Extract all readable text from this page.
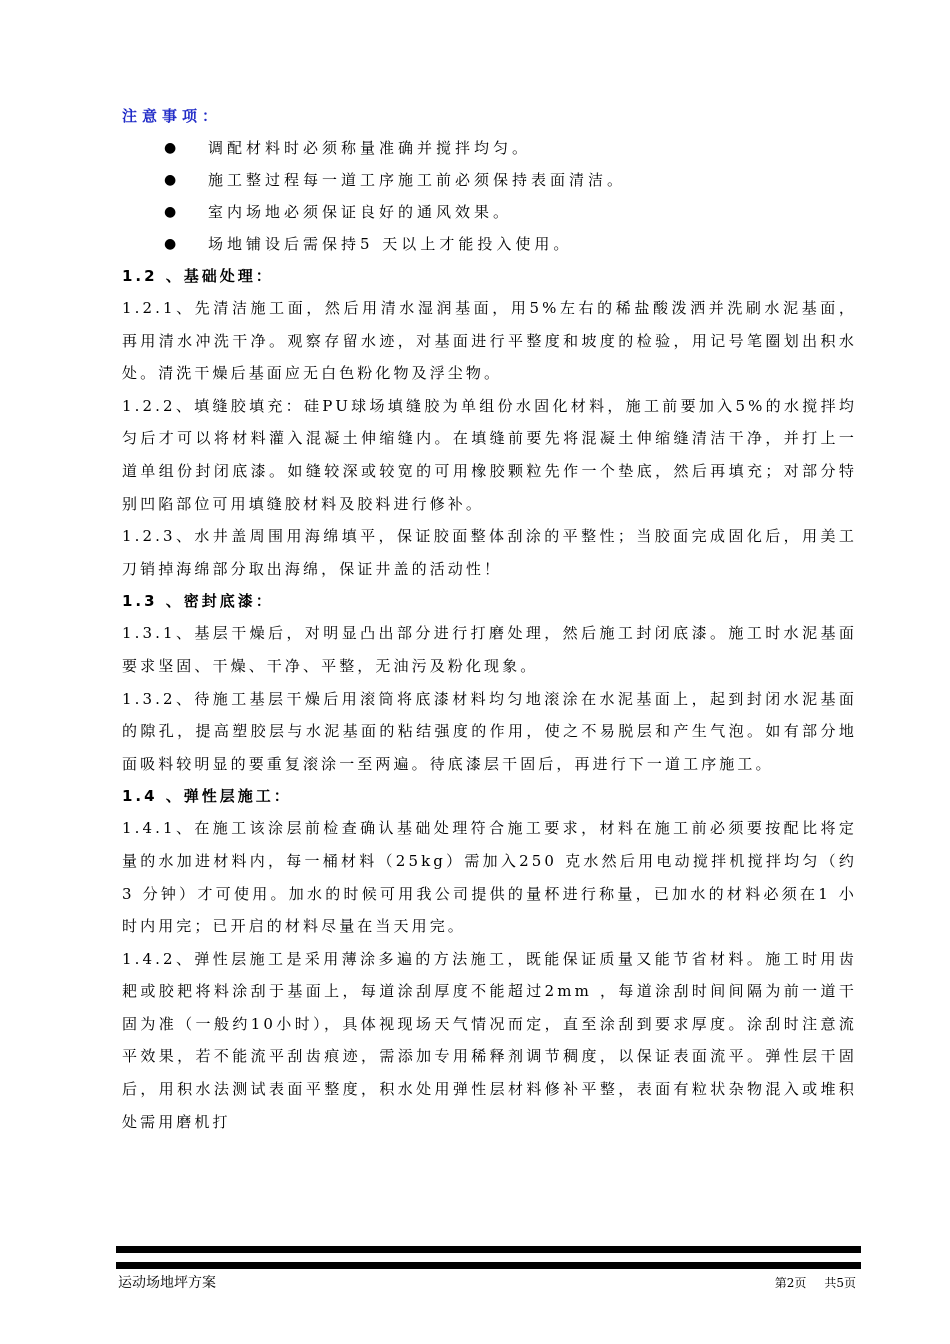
注意事项：
● 调配材料时必须称量准确并搅拌均匀。
● 施工整过程每一道工序施工前必须保持表面清洁。
● 室内场地必须保证良好的通风效果。
● 场地铺设后需保持5 天以上才能投入使用。
1.2 、基础处理：

1.2.1、先清洁施工面，然后用清水湿润基面，用5%左右的稀盐酸泼洒并洗刷水泥基面，再用清水冲洗干净。观察存留水迹，对基面进行平整度和坡度的检验，用记号笔圈划出积水处。清洗干燥后基面应无白色粉化物及浮尘物。

1.2.2、填缝胶填充：硅PU球场填缝胶为单组份水固化材料，施工前要加入5%的水搅拌均匀后才可以将材料灌入混凝土伸缩缝内。在填缝前要先将混凝土伸缩缝清洁干净，并打上一道单组份封闭底漆。如缝较深或较宽的可用橡胶颗粒先作一个垫底，然后再填充；对部分特别凹陷部位可用填缝胶材料及胶料进行修补。

1.2.3、水井盖周围用海绵填平，保证胶面整体刮涂的平整性；当胶面完成固化后，用美工刀销掉海绵部分取出海绵，保证井盖的活动性！

1.3 、密封底漆：

1.3.1、基层干燥后，对明显凸出部分进行打磨处理，然后施工封闭底漆。施工时水泥基面要求坚固、干燥、干净、平整，无油污及粉化现象。

1.3.2、待施工基层干燥后用滚筒将底漆材料均匀地滚涂在水泥基面上，起到封闭水泥基面的隙孔，提高塑胶层与水泥基面的粘结强度的作用，使之不易脱层和产生气泡。如有部分地面吸料较明显的要重复滚涂一至两遍。待底漆层干固后，再进行下一道工序施工。

1.4 、弹性层施工：

1.4.1、在施工该涂层前检查确认基础处理符合施工要求，材料在施工前必须要按配比将定量的水加进材料内，每一桶材料（25kg）需加入250 克水然后用电动搅拌机搅拌均匀（约3 分钟）才可使用。加水的时候可用我公司提供的量杯进行称量，已加水的材料必须在1 小时内用完；已开启的材料尽量在当天用完。

1.4.2、弹性层施工是采用薄涂多遍的方法施工，既能保证质量又能节省材料。施工时用齿耙或胶耙将料涂刮于基面上，每道涂刮厚度不能超过2mm ，每道涂刮时间间隔为前一道干固为准（一般约10小时），具体视现场天气情况而定，直至涂刮到要求厚度。涂刮时注意流平效果，若不能流平刮齿痕迹，需添加专用稀释剂调节稠度，以保证表面流平。弹性层干固后，用积水法测试表面平整度，积水处用弹性层材料修补平整，表面有粒状杂物混入或堆积处需用磨机打

运动场地坪方案	第2页 共5页
